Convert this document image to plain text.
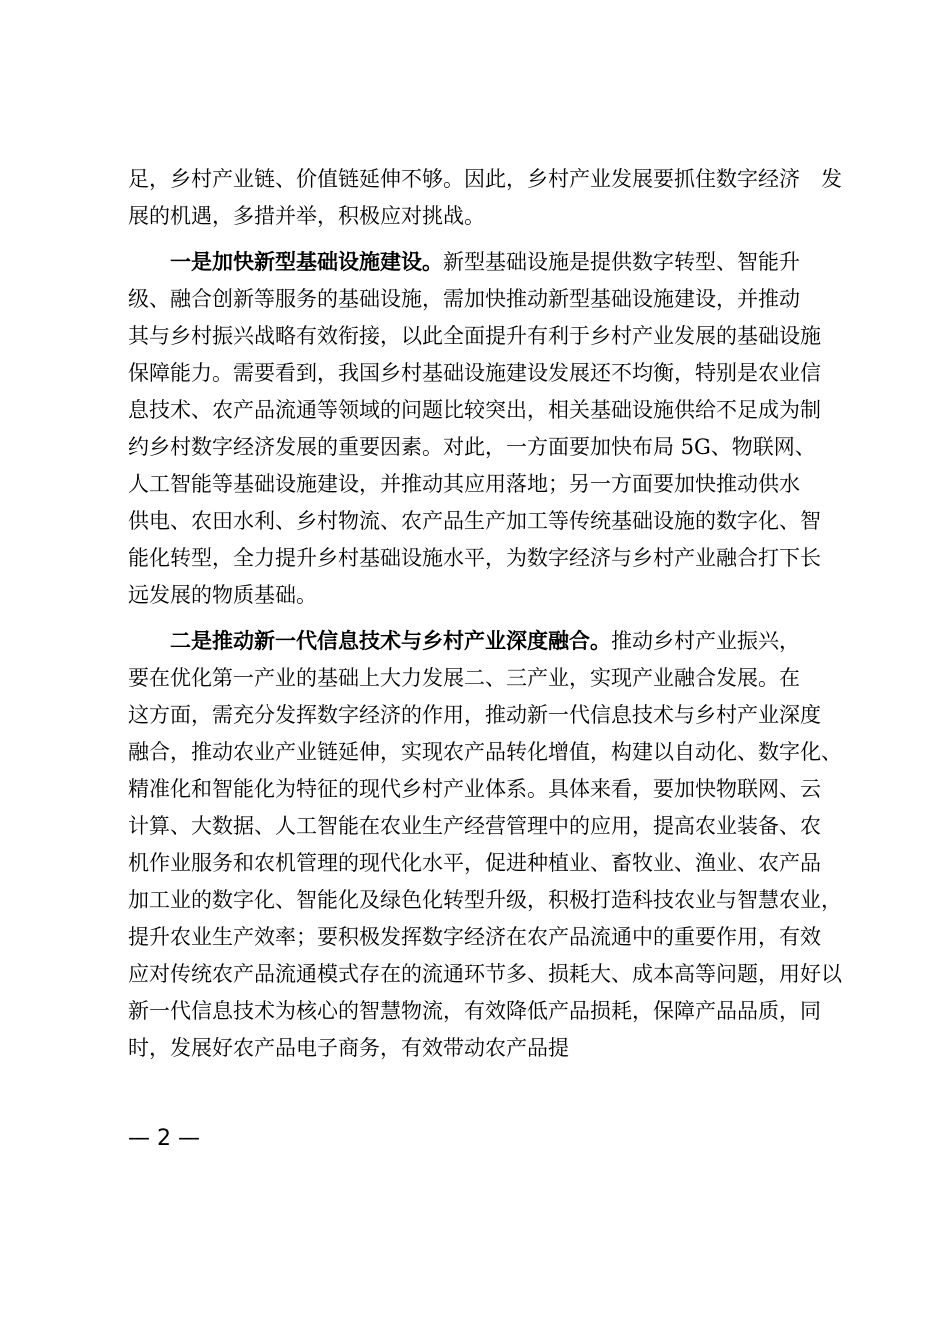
足，乡村产业链、价值链延伸不够。因此，乡村产业发展要抓住数字经济　发
展的机遇，多措并举，积极应对挑战。
一是加快新型基础设施建设。新型基础设施是提供数字转型、智能升
级、融合创新等服务的基础设施，需加快推动新型基础设施建设，并推动
其与乡村振兴战略有效衔接，以此全面提升有利于乡村产业发展的基础设施
保障能力。需要看到，我国乡村基础设施建设发展还不均衡，特别是农业信
息技术、农产品流通等领域的问题比较突出，相关基础设施供给不足成为制
约乡村数字经济发展的重要因素。对此，一方面要加快布局 5G、物联网、
人工智能等基础设施建设，并推动其应用落地；另一方面要加快推动供水
供电、农田水利、乡村物流、农产品生产加工等传统基础设施的数字化、智
能化转型，全力提升乡村基础设施水平，为数字经济与乡村产业融合打下长
远发展的物质基础。
二是推动新一代信息技术与乡村产业深度融合。推动乡村产业振兴，
要在优化第一产业的基础上大力发展二、三产业，实现产业融合发展。在
这方面，需充分发挥数字经济的作用，推动新一代信息技术与乡村产业深度
融合，推动农业产业链延伸，实现农产品转化增值，构建以自动化、数字化、
精准化和智能化为特征的现代乡村产业体系。具体来看，要加快物联网、云
计算、大数据、人工智能在农业生产经营管理中的应用，提高农业装备、农
机作业服务和农机管理的现代化水平，促进种植业、畜牧业、渔业、农产品
加工业的数字化、智能化及绿色化转型升级，积极打造科技农业与智慧农业，
提升农业生产效率；要积极发挥数字经济在农产品流通中的重要作用，有效
应对传统农产品流通模式存在的流通环节多、损耗大、成本高等问题，用好以
新一代信息技术为核心的智慧物流，有效降低产品损耗，保障产品品质，同
时，发展好农产品电子商务，有效带动农产品提
— 2 —
